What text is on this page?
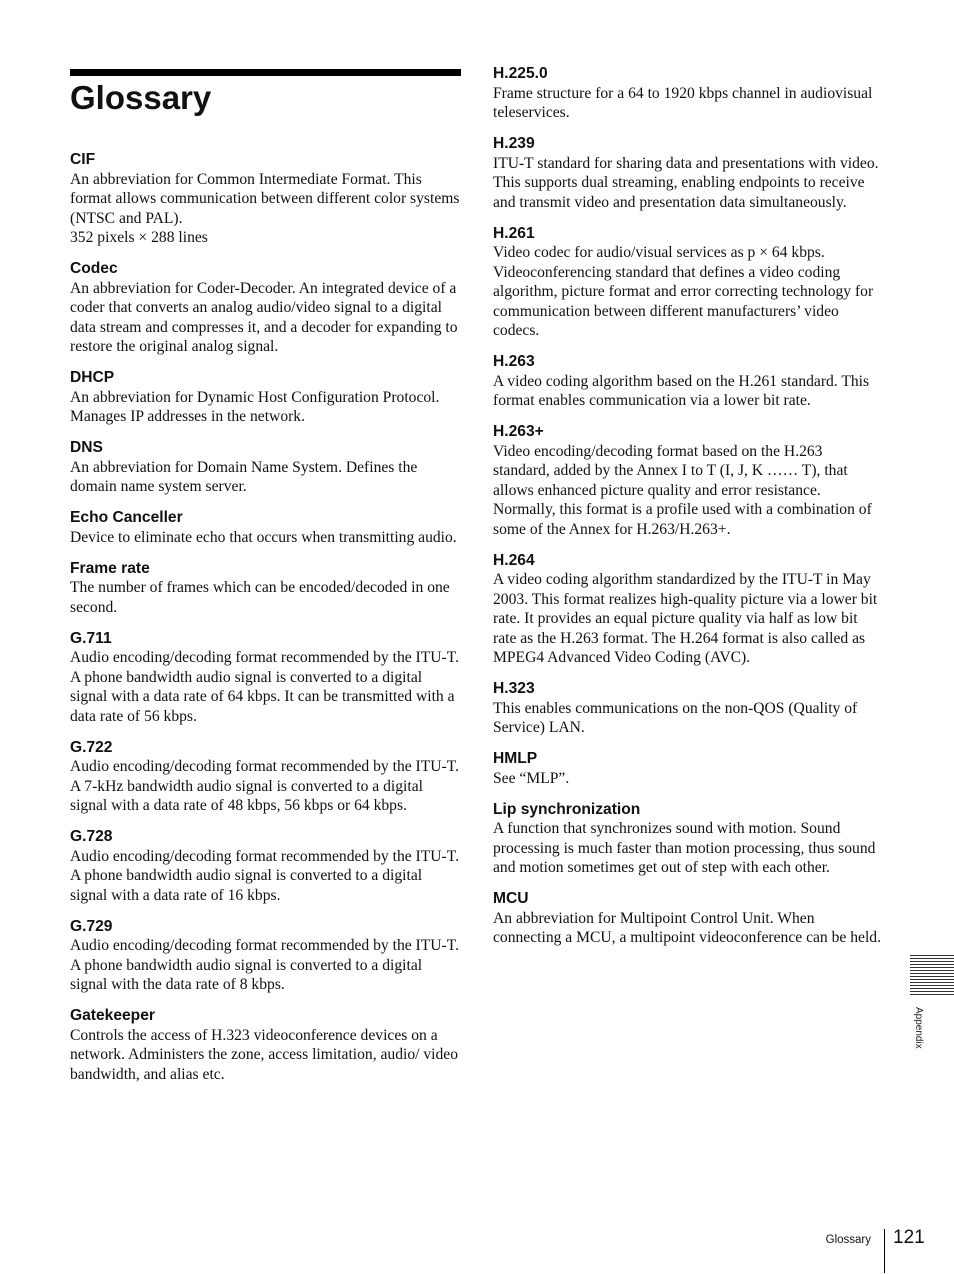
Glossary
CIF
An abbreviation for Common Intermediate Format. This format allows communication between different color systems (NTSC and PAL).
352 pixels × 288 lines
Codec
An abbreviation for Coder-Decoder. An integrated device of a coder that converts an analog audio/video signal to a digital data stream and compresses it, and a decoder for expanding to restore the original analog signal.
DHCP
An abbreviation for Dynamic Host Configuration Protocol. Manages IP addresses in the network.
DNS
An abbreviation for Domain Name System. Defines the domain name system server.
Echo Canceller
Device to eliminate echo that occurs when transmitting audio.
Frame rate
The number of frames which can be encoded/decoded in one second.
G.711
Audio encoding/decoding format recommended by the ITU-T. A phone bandwidth audio signal is converted to a digital signal with a data rate of 64 kbps. It can be transmitted with a data rate of 56 kbps.
G.722
Audio encoding/decoding format recommended by the ITU-T. A 7-kHz bandwidth audio signal is converted to a digital signal with a data rate of 48 kbps, 56 kbps or 64 kbps.
G.728
Audio encoding/decoding format recommended by the ITU-T. A phone bandwidth audio signal is converted to a digital signal with a data rate of 16 kbps.
G.729
Audio encoding/decoding format recommended by the ITU-T. A phone bandwidth audio signal is converted to a digital signal with the data rate of 8 kbps.
Gatekeeper
Controls the access of H.323 videoconference devices on a network. Administers the zone, access limitation, audio/ video bandwidth, and alias etc.
H.225.0
Frame structure for a 64 to 1920 kbps channel in audiovisual teleservices.
H.239
ITU-T standard for sharing data and presentations with video. This supports dual streaming, enabling endpoints to receive and transmit video and presentation data simultaneously.
H.261
Video codec for audio/visual services as p × 64 kbps. Videoconferencing standard that defines a video coding algorithm, picture format and error correcting technology for communication between different manufacturers’ video codecs.
H.263
A video coding algorithm based on the H.261 standard. This format enables communication via a lower bit rate.
H.263+
Video encoding/decoding format based on the H.263 standard, added by the Annex I to T (I, J, K …… T), that allows enhanced picture quality and error resistance. Normally, this format is a profile used with a combination of some of the Annex for H.263/H.263+.
H.264
A video coding algorithm standardized by the ITU-T in May 2003. This format realizes high-quality picture via a lower bit rate. It provides an equal picture quality via half as low bit rate as the H.263 format. The H.264 format is also called as MPEG4 Advanced Video Coding (AVC).
H.323
This enables communications on the non-QOS (Quality of Service) LAN.
HMLP
See “MLP”.
Lip synchronization
A function that synchronizes sound with motion. Sound processing is much faster than motion processing, thus sound and motion sometimes get out of step with each other.
MCU
An abbreviation for Multipoint Control Unit. When connecting a MCU, a multipoint videoconference can be held.
Appendix
Glossary 121
